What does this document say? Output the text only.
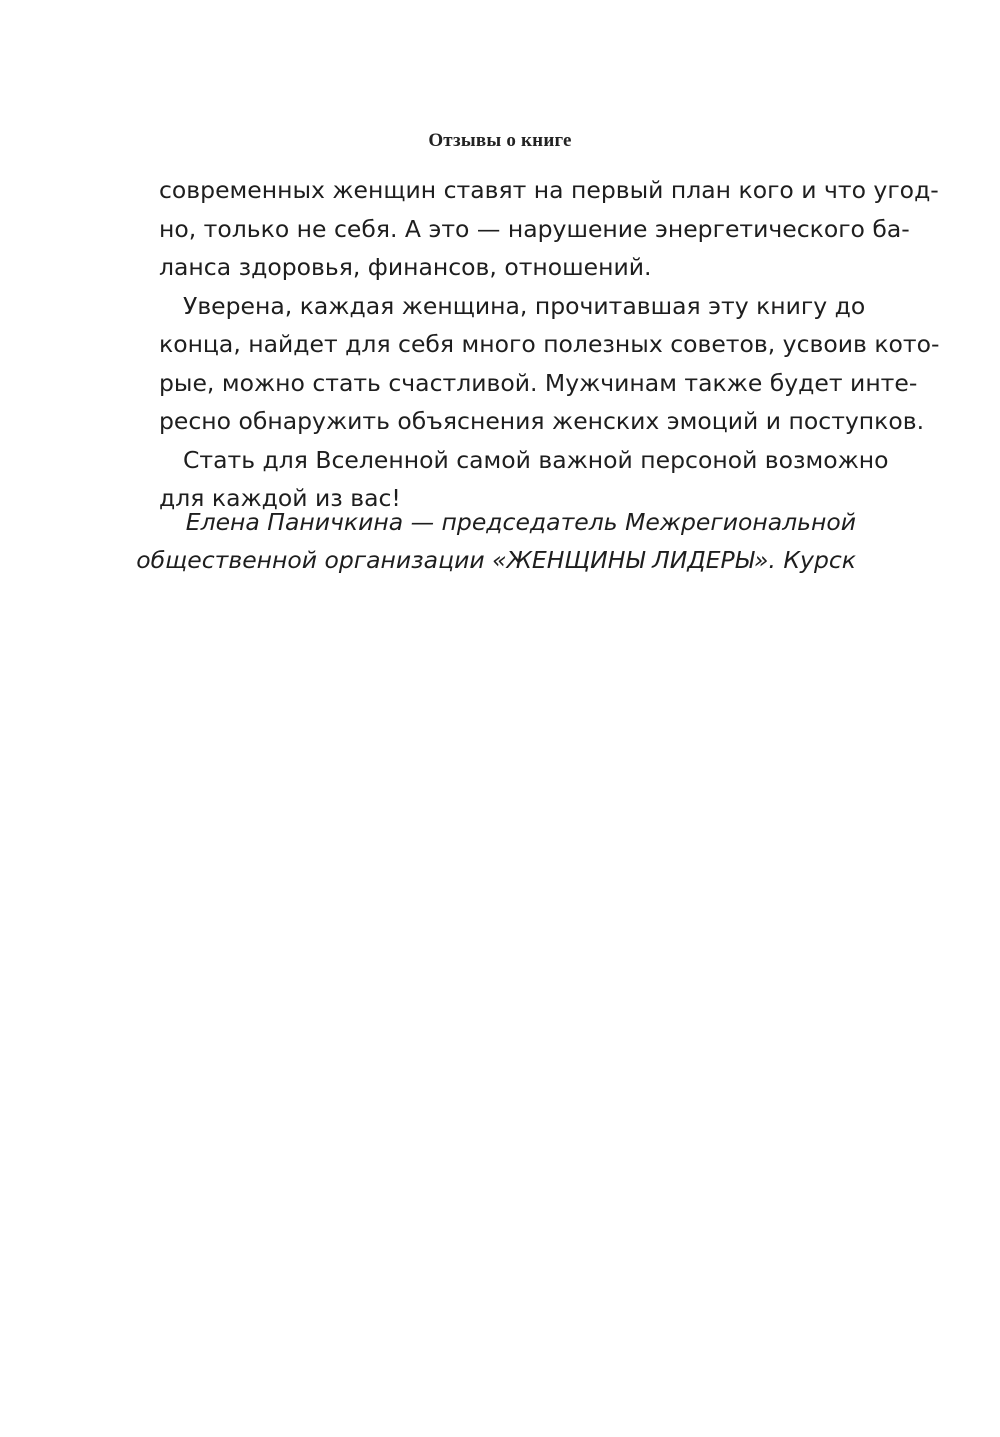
Отзывы о книге
современных женщин ставят на первый план кого и что угод-
но, только не себя. А это — нарушение энергетического ба-
ланса здоровья, финансов, отношений.
Уверена, каждая женщина, прочитавшая эту книгу до
конца, найдет для себя много полезных советов, усвоив кото-
рые, можно стать счастливой. Мужчинам также будет инте-
ресно обнаружить объяснения женских эмоций и поступков.
Стать для Вселенной самой важной персоной возможно
для каждой из вас!
Елена Паничкина — председатель Межрегиональной
общественной организации «ЖЕНЩИНЫ ЛИДЕРЫ». Курск
